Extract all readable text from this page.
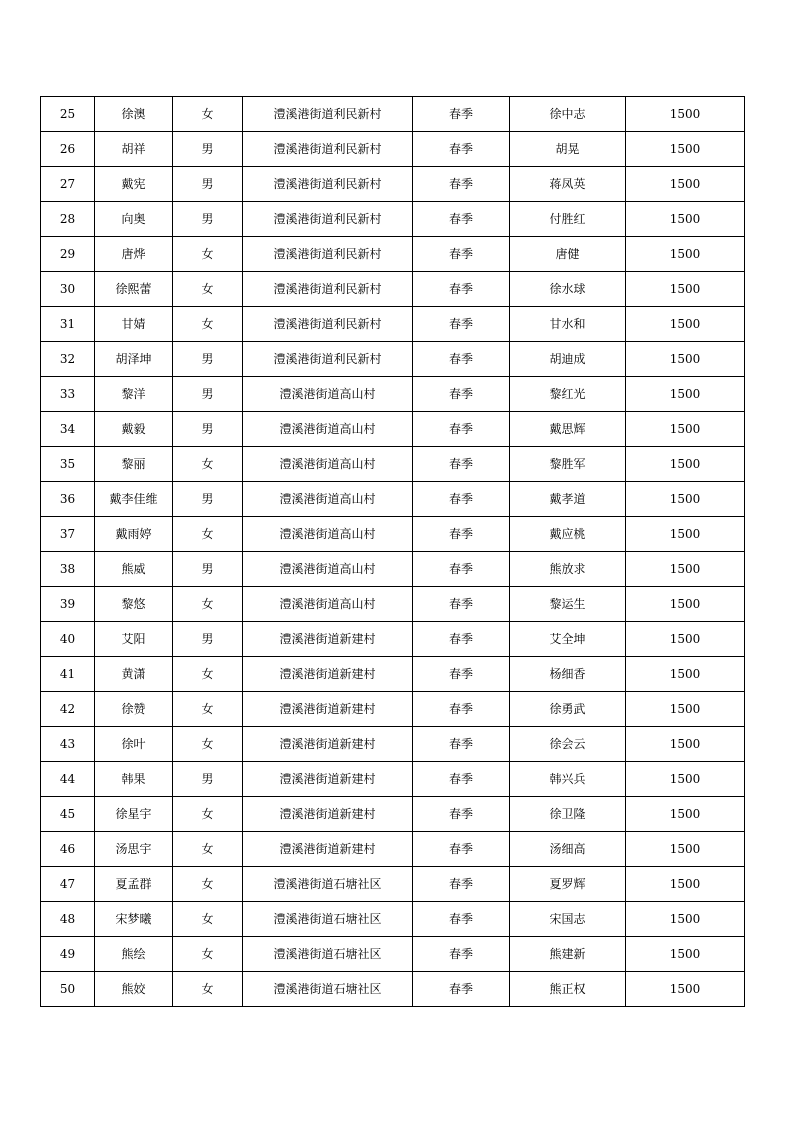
25	徐澳	女	澧溪港街道利民新村	春季	徐中志	1500
26	胡祥	男	澧溪港街道利民新村	春季	胡晃	1500
27	戴宪	男	澧溪港街道利民新村	春季	蒋凤英	1500
28	向奥	男	澧溪港街道利民新村	春季	付胜红	1500
29	唐烨	女	澧溪港街道利民新村	春季	唐健	1500
30	徐熙蕾	女	澧溪港街道利民新村	春季	徐水球	1500
31	甘婧	女	澧溪港街道利民新村	春季	甘水和	1500
32	胡泽坤	男	澧溪港街道利民新村	春季	胡迪成	1500
33	黎洋	男	澧溪港街道高山村	春季	黎红光	1500
34	戴毅	男	澧溪港街道高山村	春季	戴思辉	1500
35	黎丽	女	澧溪港街道高山村	春季	黎胜军	1500
36	戴李佳维	男	澧溪港街道高山村	春季	戴孝道	1500
37	戴雨婷	女	澧溪港街道高山村	春季	戴应桃	1500
38	熊威	男	澧溪港街道高山村	春季	熊放求	1500
39	黎悠	女	澧溪港街道高山村	春季	黎运生	1500
40	艾阳	男	澧溪港街道新建村	春季	艾全坤	1500
41	黄潇	女	澧溪港街道新建村	春季	杨细香	1500
42	徐赞	女	澧溪港街道新建村	春季	徐勇武	1500
43	徐叶	女	澧溪港街道新建村	春季	徐会云	1500
44	韩果	男	澧溪港街道新建村	春季	韩兴兵	1500
45	徐星宇	女	澧溪港街道新建村	春季	徐卫隆	1500
46	汤思宇	女	澧溪港街道新建村	春季	汤细高	1500
47	夏孟群	女	澧溪港街道石塘社区	春季	夏罗辉	1500
48	宋梦曦	女	澧溪港街道石塘社区	春季	宋国志	1500
49	熊绘	女	澧溪港街道石塘社区	春季	熊建新	1500
50	熊姣	女	澧溪港街道石塘社区	春季	熊正权	1500
